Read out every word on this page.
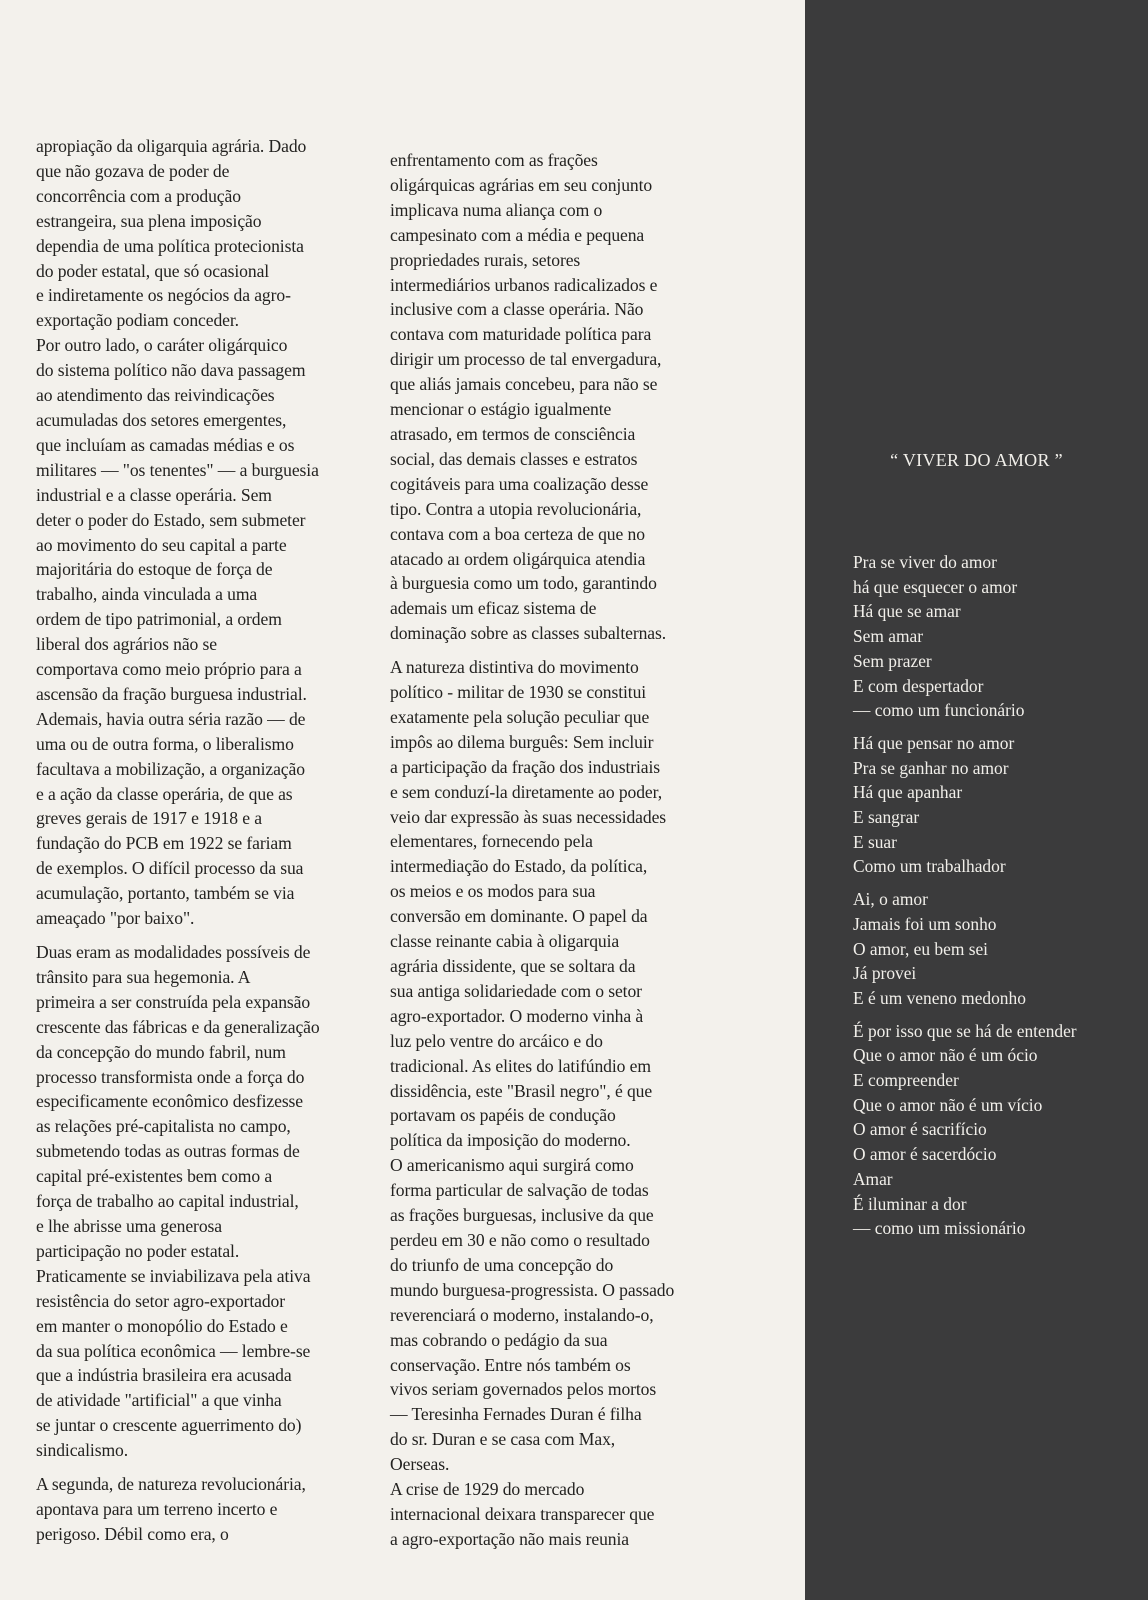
apropiação da oligarquia agrária. Dado
que não gozava de poder de
concorrência com a produção
estrangeira, sua plena imposição
dependia de uma política protecionista
do poder estatal, que só ocasional
e indiretamente os negócios da agro-
exportação podiam conceder.
Por outro lado, o caráter oligárquico
do sistema político não dava passagem
ao atendimento das reivindicações
acumuladas dos setores emergentes,
que incluíam as camadas médias e os
militares — "os tenentes" — a burguesia
industrial e a classe operária. Sem
deter o poder do Estado, sem submeter
ao movimento do seu capital a parte
majoritária do estoque de força de
trabalho, ainda vinculada a uma
ordem de tipo patrimonial, a ordem
liberal dos agrários não se
comportava como meio próprio para a
ascensão da fração burguesa industrial.
Ademais, havia outra séria razão — de
uma ou de outra forma, o liberalismo
facultava a mobilização, a organização
e a ação da classe operária, de que as
greves gerais de 1917 e 1918 e a
fundação do PCB em 1922 se fariam
de exemplos. O difícil processo da sua
acumulação, portanto, também se via
ameaçado "por baixo".
Duas eram as modalidades possíveis de
trânsito para sua hegemonia. A
primeira a ser construída pela expansão
crescente das fábricas e da generalização
da concepção do mundo fabril, num
processo transformista onde a força do
especificamente econômico desfizesse
as relações pré-capitalista no campo,
submetendo todas as outras formas de
capital pré-existentes bem como a
força de trabalho ao capital industrial,
e lhe abrisse uma generosa
participação no poder estatal.
Praticamente se inviabilizava pela ativa
resistência do setor agro-exportador
em manter o monopólio do Estado e
da sua política econômica — lembre-se
que a indústria brasileira era acusada
de atividade "artificial" a que vinha
se juntar o crescente aguerrimento do)
sindicalismo.
A segunda, de natureza revolucionária,
apontava para um terreno incerto e
perigoso. Débil como era, o
enfrentamento com as frações
oligárquicas agrárias em seu conjunto
implicava numa aliança com o
campesinato com a média e pequena
propriedades rurais, setores
intermediários urbanos radicalizados e
inclusive com a classe operária. Não
contava com maturidade política para
dirigir um processo de tal envergadura,
que aliás jamais concebeu, para não se
mencionar o estágio igualmente
atrasado, em termos de consciência
social, das demais classes e estratos
cogitáveis para uma coalização desse
tipo. Contra a utopia revolucionária,
contava com a boa certeza de que no
atacado aı ordem oligárquica atendia
à burguesia como um todo, garantindo
ademais um eficaz sistema de
dominação sobre as classes subalternas.
A natureza distintiva do movimento
político - militar de 1930 se constitui
exatamente pela solução peculiar que
impôs ao dilema burguês: Sem incluir
a participação da fração dos industriais
e sem conduzí-la diretamente ao poder,
veio dar expressão às suas necessidades
elementares, fornecendo pela
intermediação do Estado, da política,
os meios e os modos para sua
conversão em dominante. O papel da
classe reinante cabia à oligarquia
agrária dissidente, que se soltara da
sua antiga solidariedade com o setor
agro-exportador. O moderno vinha à
luz pelo ventre do arcáico e do
tradicional. As elites do latifúndio em
dissidência, este "Brasil negro", é que
portavam os papéis de condução
política da imposição do moderno.
O americanismo aqui surgirá como
forma particular de salvação de todas
as frações burguesas, inclusive da que
perdeu em 30 e não como o resultado
do triunfo de uma concepção do
mundo burguesa-progressista. O passado
reverenciará o moderno, instalando-o,
mas cobrando o pedágio da sua
conservação. Entre nós também os
vivos seriam governados pelos mortos
— Teresinha Fernades Duran é filha
do sr. Duran e se casa com Max,
Oerseas.
A crise de 1929 do mercado
internacional deixara transparecer que
a agro-exportação não mais reunia
“ VIVER DO AMOR ”
Pra se viver do amor
há que esquecer o amor
Há que se amar
Sem amar
Sem prazer
E com despertador
— como um funcionário
Há que pensar no amor
Pra se ganhar no amor
Há que apanhar
E sangrar
E suar
Como um trabalhador
Ai, o amor
Jamais foi um sonho
O amor, eu bem sei
Já provei
E é um veneno medonho
É por isso que se há de entender
Que o amor não é um ócio
E compreender
Que o amor não é um vício
O amor é sacrifício
O amor é sacerdócio
Amar
É iluminar a dor
— como um missionário
